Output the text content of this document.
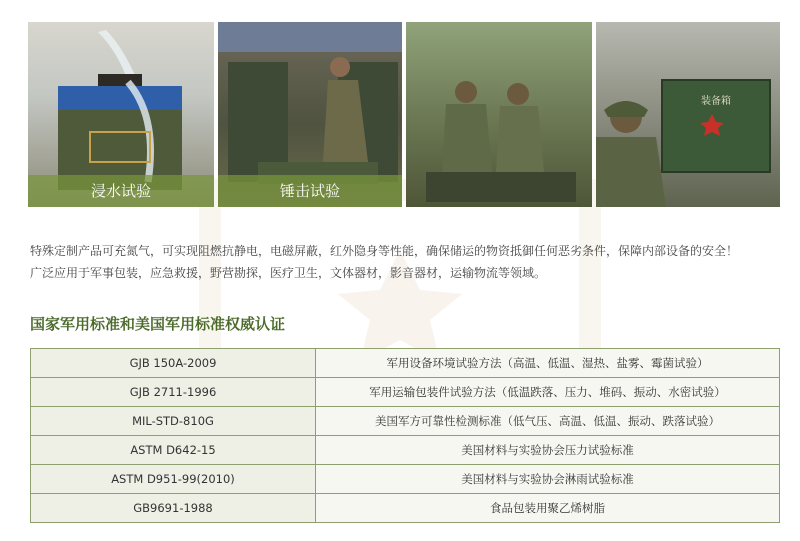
浸水试验	锤击试验
装备箱

特殊定制产品可充氮气，可实现阻燃抗静电，电磁屏蔽，红外隐身等性能，确保储运的物资抵御任何恶劣条件，保障内部设备的安全！

广泛应用于军事包装，应急救援，野营勘探，医疗卫生，文体器材，影音器材，运输物流等领域。

国家军用标准和美国军用标准权威认证
GJB 150A-2009	军用设备环境试验方法（高温、低温、湿热、盐雾、霉菌试验）
GJB 2711-1996	军用运输包装件试验方法（低温跌落、压力、堆码、振动、水密试验）
MIL-STD-810G	美国军方可靠性检测标准（低气压、高温、低温、振动、跌落试验）
ASTM D642-15	美国材料与实验协会压力试验标准
ASTM D951-99(2010)	美国材料与实验协会淋雨试验标准
GB9691-1988	食品包装用聚乙烯树脂
